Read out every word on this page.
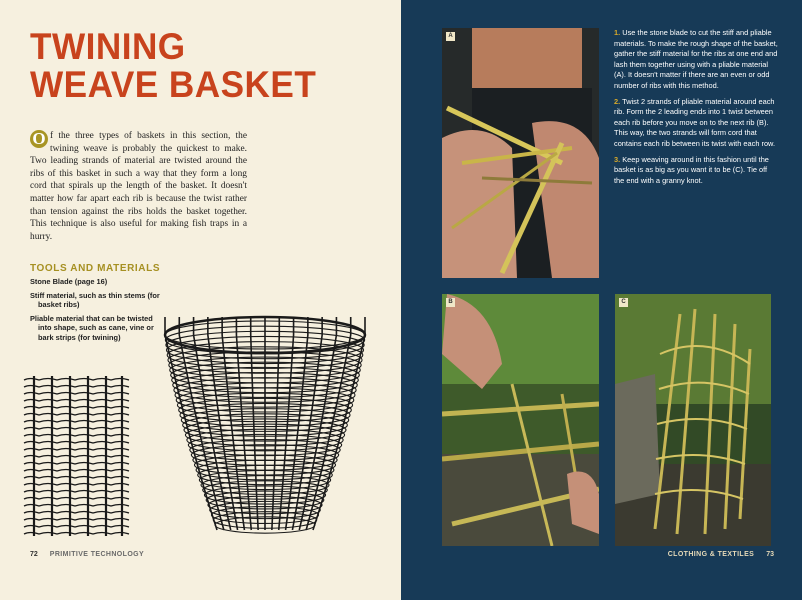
TWINING
WEAVE BASKET
O f the three types of baskets in this section, the twining weave is probably the quickest to make. Two leading strands of material are twisted around the ribs of this basket in such a way that they form a long cord that spirals up the length of the basket. It doesn't matter how far apart each rib is because the twist rather than tension against the ribs holds the basket together. This technique is also useful for making fish traps in a hurry.
TOOLS AND MATERIALS
Stone Blade (page 16)
Stiff material, such as thin stems (for basket ribs)
Pliable material that can be twisted into shape, such as cane, vine or bark strips (for twining)
72 PRIMITIVE TECHNOLOGY
A	1. Use the stone blade to cut the stiff and pliable materials. To make the rough shape of the basket, gather the stiff material for the ribs at one end and lash them together using with a pliable material (A). It doesn't matter if there are an even or odd number of ribs with this method.
2. Twist 2 strands of pliable material around each rib. Form the 2 leading ends into 1 twist between each rib before you move on to the next rib (B). This way, the two strands will form cord that contains each rib between its twist with each row.
3. Keep weaving around in this fashion until the basket is as big as you want it to be (C). Tie off the end with a granny knot.
B	C
CLOTHING & TEXTILES 73
